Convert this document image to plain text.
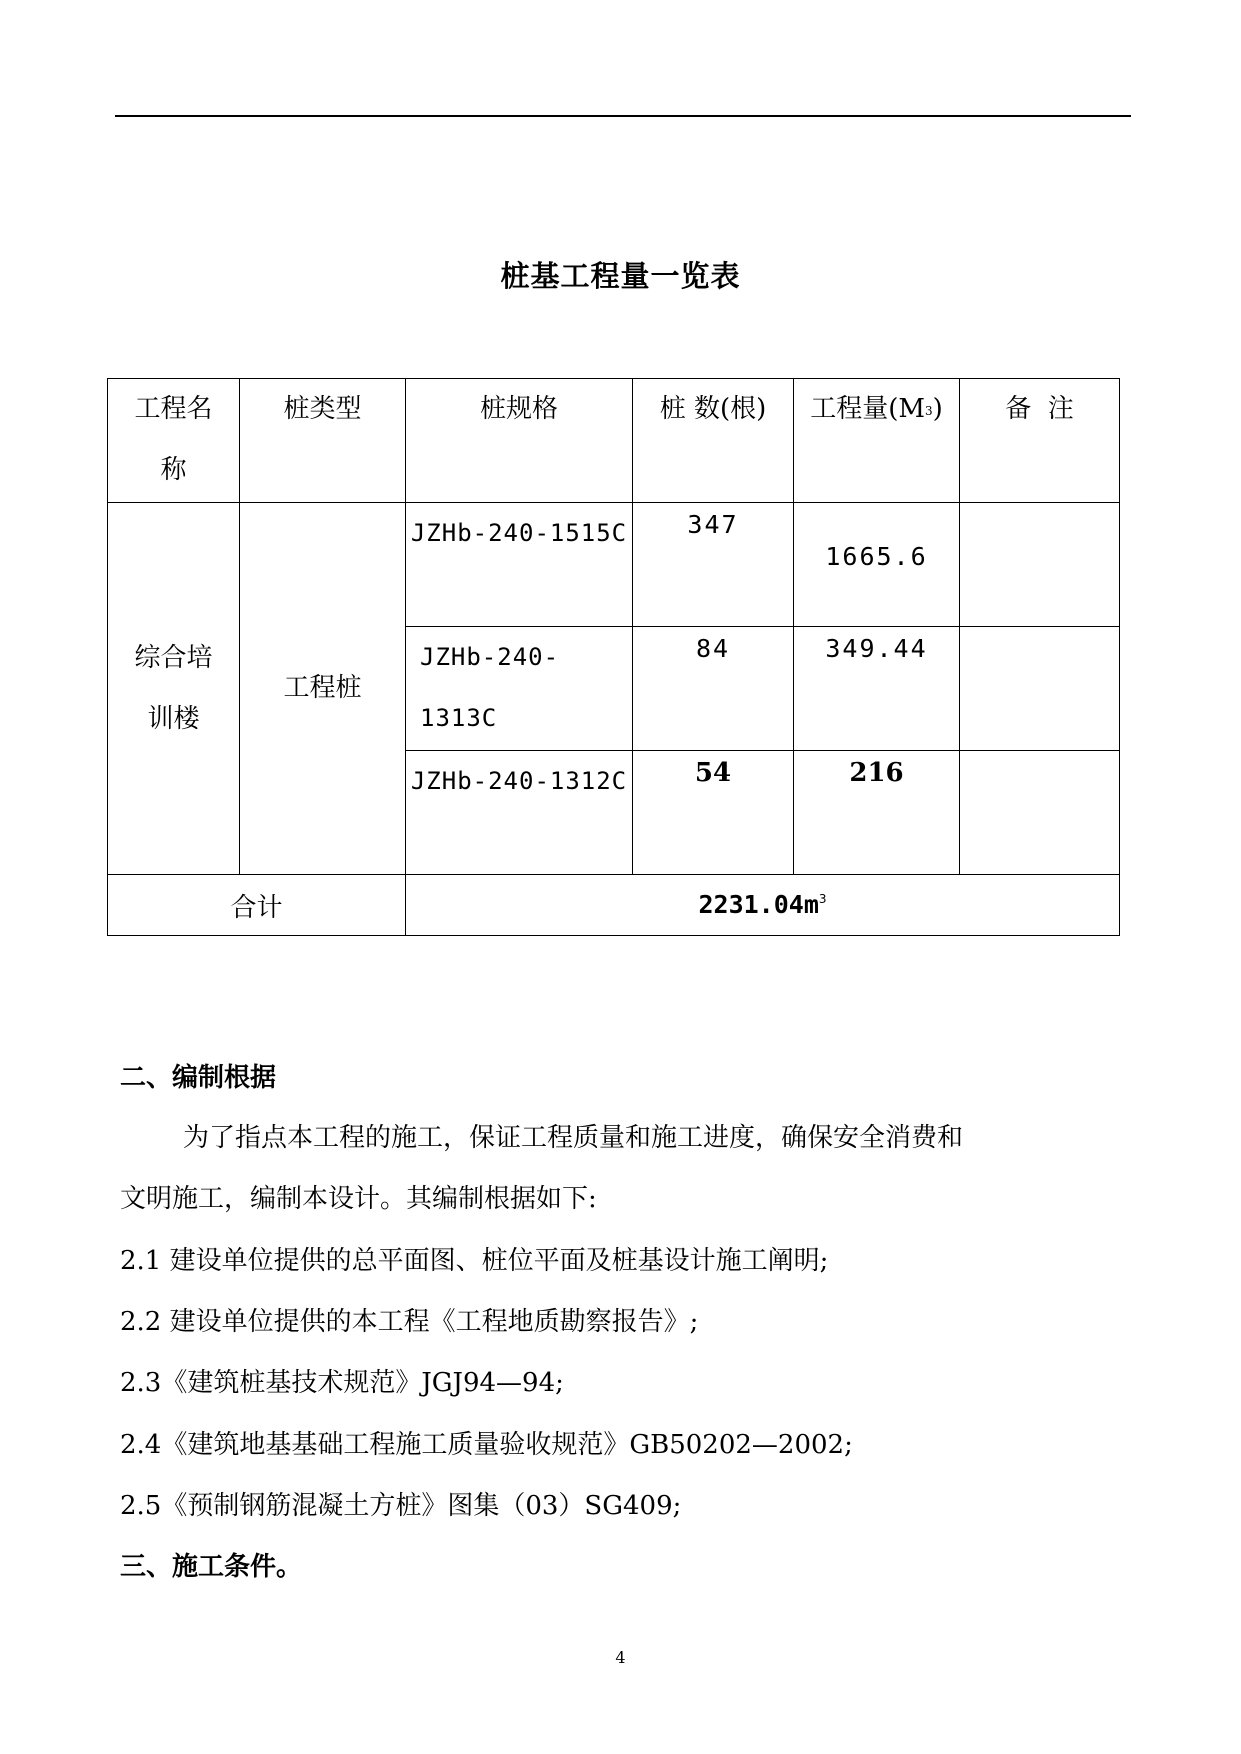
桩基工程量一览表
工程名称	桩类型	桩规格	桩 数(根)	工程量$(M^3)$	备  注

综合培训楼	工程桩	JZHb-240-1515C	347	1665.6	

		JZHb-240-1313C	84	349.44	

		JZHb-240-1312C	54	216	

合计		$2231.04m^3$
二、编制根据
为了指点本工程的施工，保证工程质量和施工进度，确保安全消费和
文明施工，编制本设计。其编制根据如下:
2.1 建设单位提供的总平面图、桩位平面及桩基设计施工阐明;
2.2 建设单位提供的本工程《工程地质勘察报告》;
2.3《建筑桩基技术规范》JGJ94—94;
2.4《建筑地基基础工程施工质量验收规范》GB50202—2002;
2.5《预制钢筋混凝土方桩》图集（03）SG409;
三、施工条件。
4
